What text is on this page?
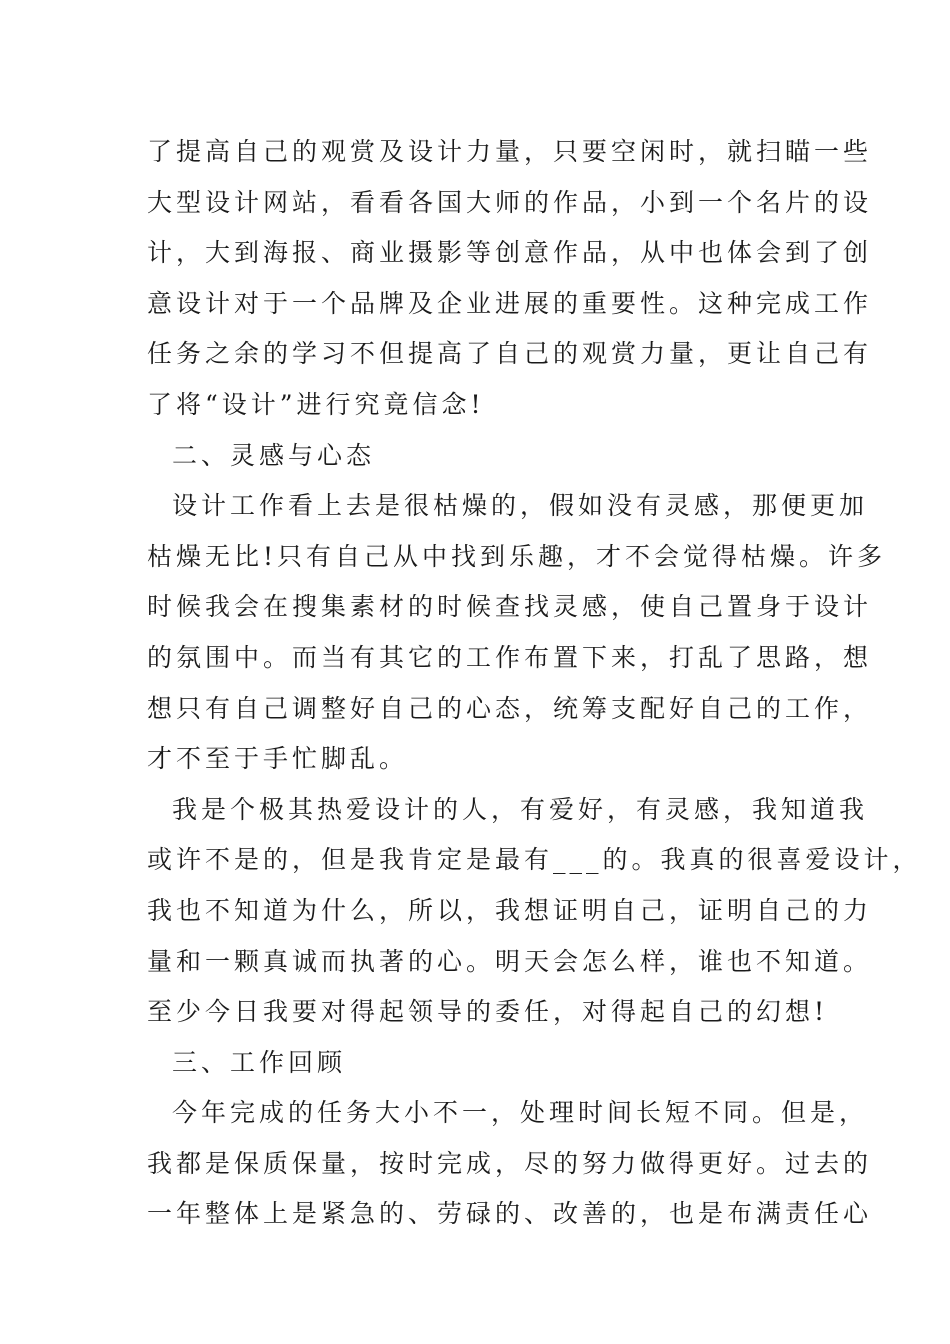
了提高自己的观赏及设计力量，只要空闲时，就扫瞄一些
大型设计网站，看看各国大师的作品，小到一个名片的设
计，大到海报、商业摄影等创意作品，从中也体会到了创
意设计对于一个品牌及企业进展的重要性。这种完成工作
任务之余的学习不但提高了自己的观赏力量，更让自己有
了将“设计”进行究竟信念!
二、灵感与心态
设计工作看上去是很枯燥的，假如没有灵感，那便更加
枯燥无比!只有自己从中找到乐趣，才不会觉得枯燥。许多
时候我会在搜集素材的时候查找灵感，使自己置身于设计
的氛围中。而当有其它的工作布置下来，打乱了思路，想
想只有自己调整好自己的心态，统筹支配好自己的工作，
才不至于手忙脚乱。
我是个极其热爱设计的人，有爱好，有灵感，我知道我
或许不是的，但是我肯定是最有___的。我真的很喜爱设计，
我也不知道为什么，所以，我想证明自己，证明自己的力
量和一颗真诚而执著的心。明天会怎么样，谁也不知道。
至少今日我要对得起领导的委任，对得起自己的幻想!
三、工作回顾
今年完成的任务大小不一，处理时间长短不同。但是，
我都是保质保量，按时完成，尽的努力做得更好。过去的
一年整体上是紧急的、劳碌的、改善的，也是布满责任心
